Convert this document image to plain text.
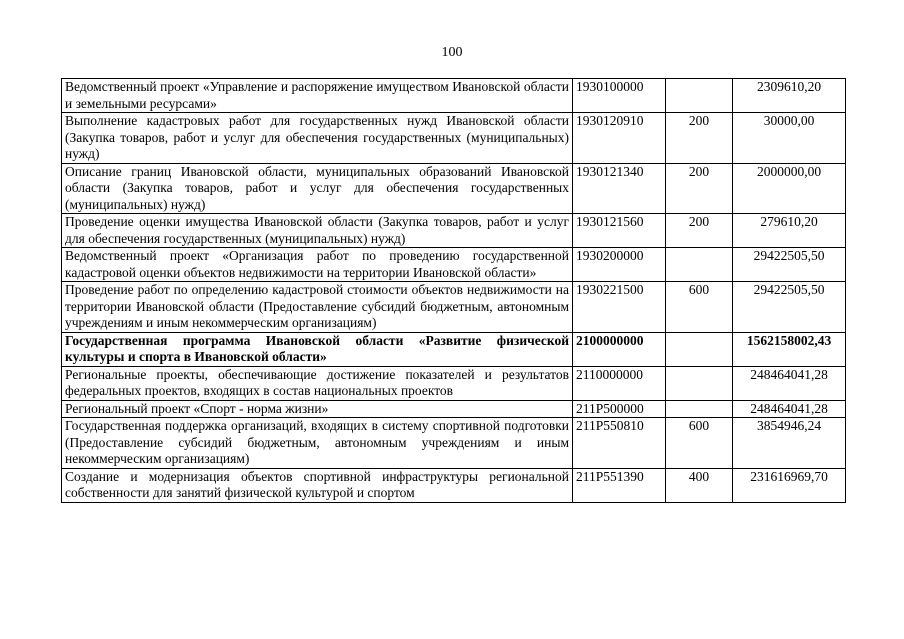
100
Ведомственный проект «Управление и распоряжение имуществом Ивановской области и земельными ресурсами»	1930100000		2309610,20
Выполнение кадастровых работ для государственных нужд Ивановской области (Закупка товаров, работ и услуг для обеспечения государственных (муниципальных) нужд)	1930120910	200	30000,00
Описание границ Ивановской области, муниципальных образований Ивановской области (Закупка товаров, работ и услуг для обеспечения государственных (муниципальных) нужд)	1930121340	200	2000000,00
Проведение оценки имущества Ивановской области (Закупка товаров, работ и услуг для обеспечения государственных (муниципальных) нужд)	1930121560	200	279610,20
Ведомственный проект «Организация работ по проведению государственной кадастровой оценки объектов недвижимости на территории Ивановской области»	1930200000		29422505,50
Проведение работ по определению кадастровой стоимости объектов недвижимости на территории Ивановской области (Предоставление субсидий бюджетным, автономным учреждениям и иным некоммерческим организациям)	1930221500	600	29422505,50
Государственная программа Ивановской области «Развитие физической культуры и спорта в Ивановской области»	2100000000		1562158002,43
Региональные проекты, обеспечивающие достижение показателей и результатов федеральных проектов, входящих в состав национальных проектов	2110000000		248464041,28
Региональный проект «Спорт - норма жизни»	211P500000		248464041,28
Государственная поддержка организаций, входящих в систему спортивной подготовки (Предоставление субсидий бюджетным, автономным учреждениям и иным некоммерческим организациям)	211P550810	600	3854946,24
Создание и модернизация объектов спортивной инфраструктуры региональной собственности для занятий физической культурой и спортом	211P551390	400	231616969,70
